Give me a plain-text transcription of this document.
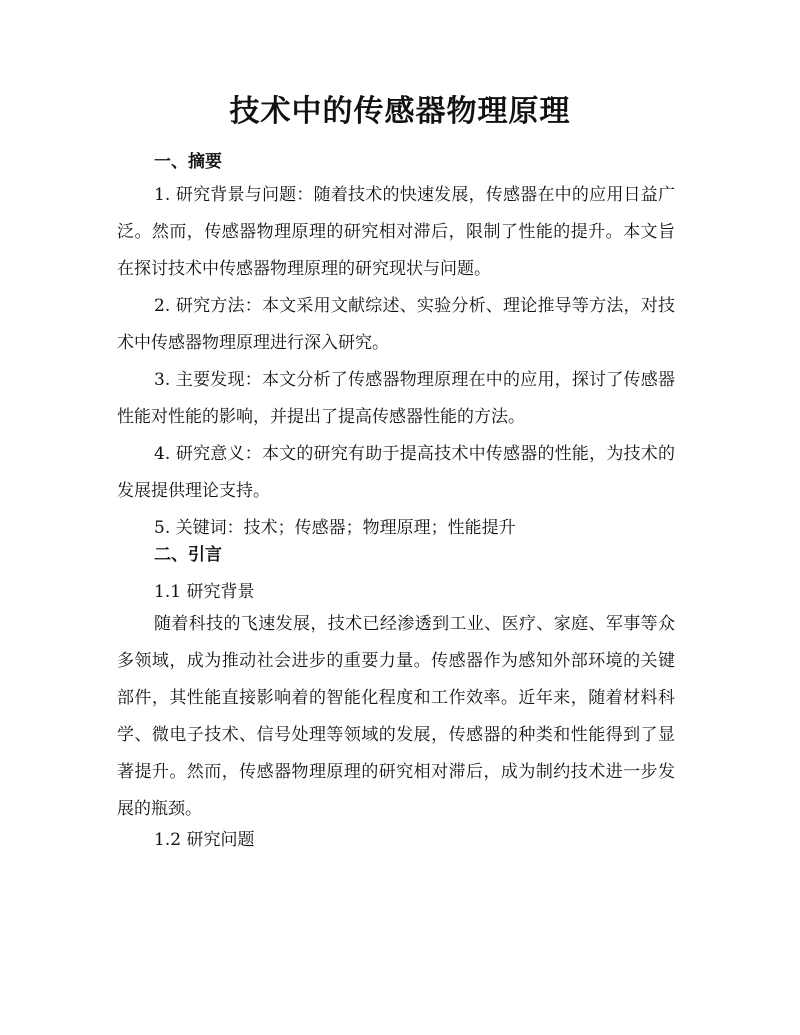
技术中的传感器物理原理
一、摘要

1. 研究背景与问题：随着技术的快速发展，传感器在中的应用日益广泛。然而，传感器物理原理的研究相对滞后，限制了性能的提升。本文旨在探讨技术中传感器物理原理的研究现状与问题。

2. 研究方法：本文采用文献综述、实验分析、理论推导等方法，对技术中传感器物理原理进行深入研究。

3. 主要发现：本文分析了传感器物理原理在中的应用，探讨了传感器性能对性能的影响，并提出了提高传感器性能的方法。

4. 研究意义：本文的研究有助于提高技术中传感器的性能，为技术的发展提供理论支持。

5. 关键词：技术；传感器；物理原理；性能提升

二、引言
1.1 研究背景

随着科技的飞速发展，技术已经渗透到工业、医疗、家庭、军事等众多领域，成为推动社会进步的重要力量。传感器作为感知外部环境的关键部件，其性能直接影响着的智能化程度和工作效率。近年来，随着材料科学、微电子技术、信号处理等领域的发展，传感器的种类和性能得到了显著提升。然而，传感器物理原理的研究相对滞后，成为制约技术进一步发展的瓶颈。

1.2 研究问题
